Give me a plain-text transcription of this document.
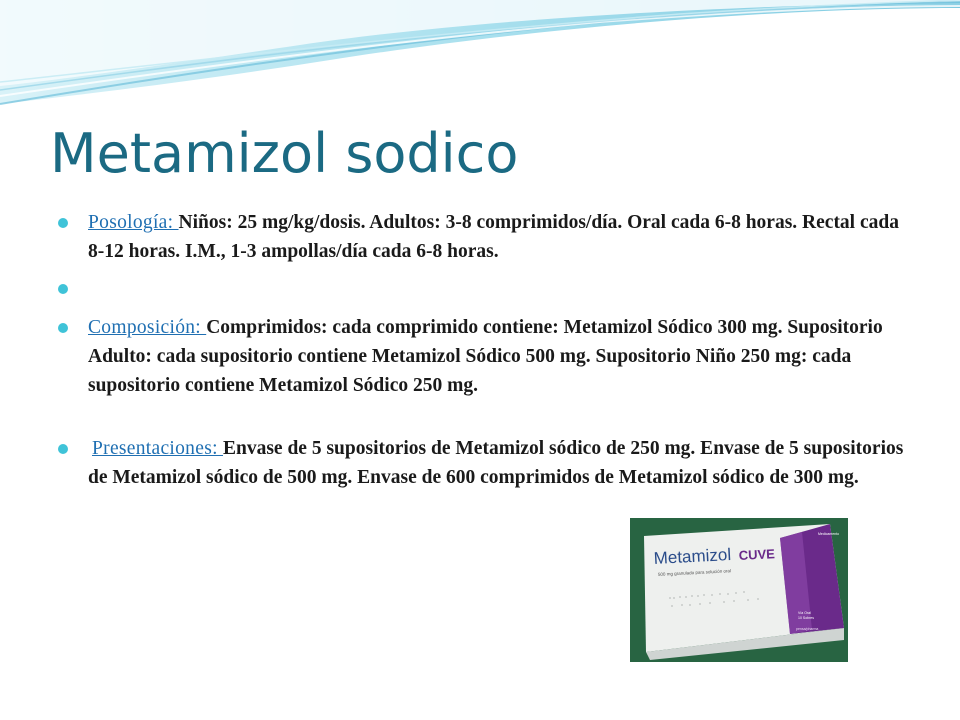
Metamizol sodico
Posología: Niños: 25 mg/kg/dosis. Adultos: 3-8 comprimidos/día. Oral cada 6-8 horas. Rectal cada 8-12 horas. I.M., 1-3 ampollas/día cada 6-8 horas.
Composición: Comprimidos: cada comprimido contiene: Metamizol Sódico 300 mg. Supositorio Adulto: cada supositorio contiene Metamizol Sódico 500 mg. Supositorio Niño 250 mg: cada supositorio contiene Metamizol Sódico 250 mg.
Presentaciones: Envase de 5 supositorios de Metamizol sódico de 250 mg. Envase de 5 supositorios de Metamizol sódico de 500 mg. Envase de 600 comprimidos de Metamizol sódico de 300 mg.
Metamizol CUVE
500 mg granulado para solución oral
Medicamento
Vía Oral
10 Sobres
pensa/pharma
